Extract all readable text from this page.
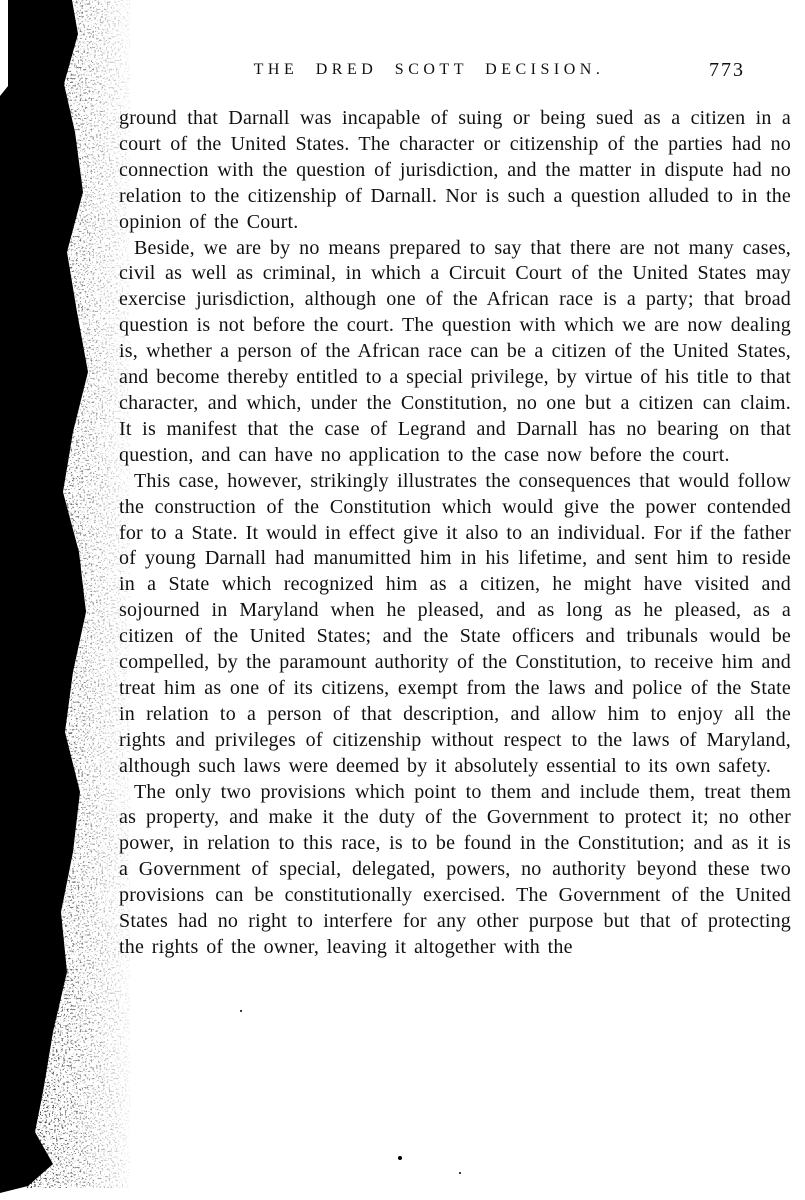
THE DRED SCOTT DECISION.	773

ground that Darnall was incapable of suing or being sued as a citizen in a court of the United States. The character or citizenship of the parties had no connection with the question of jurisdiction, and the matter in dispute had no relation to the citizenship of Darnall. Nor is such a question alluded to in the opinion of the Court.

Beside, we are by no means prepared to say that there are not many cases, civil as well as criminal, in which a Circuit Court of the United States may exercise jurisdiction, although one of the African race is a party; that broad question is not before the court. The question with which we are now dealing is, whether a person of the African race can be a citizen of the United States, and become thereby entitled to a special privilege, by virtue of his title to that character, and which, under the Constitution, no one but a citizen can claim. It is manifest that the case of Legrand and Darnall has no bearing on that question, and can have no application to the case now before the court.

This case, however, strikingly illustrates the consequences that would follow the construction of the Constitution which would give the power contended for to a State. It would in effect give it also to an individual. For if the father of young Darnall had manumitted him in his lifetime, and sent him to reside in a State which recognized him as a citizen, he might have visited and sojourned in Maryland when he pleased, and as long as he pleased, as a citizen of the United States; and the State officers and tribunals would be compelled, by the paramount authority of the Constitution, to receive him and treat him as one of its citizens, exempt from the laws and police of the State in relation to a person of that description, and allow him to enjoy all the rights and privileges of citizenship without respect to the laws of Maryland, although such laws were deemed by it absolutely essential to its own safety.

The only two provisions which point to them and include them, treat them as property, and make it the duty of the Government to protect it; no other power, in relation to this race, is to be found in the Constitution; and as it is a Government of special, delegated, powers, no authority beyond these two provisions can be constitutionally exercised. The Government of the United States had no right to interfere for any other purpose but that of protecting the rights of the owner, leaving it altogether with the
